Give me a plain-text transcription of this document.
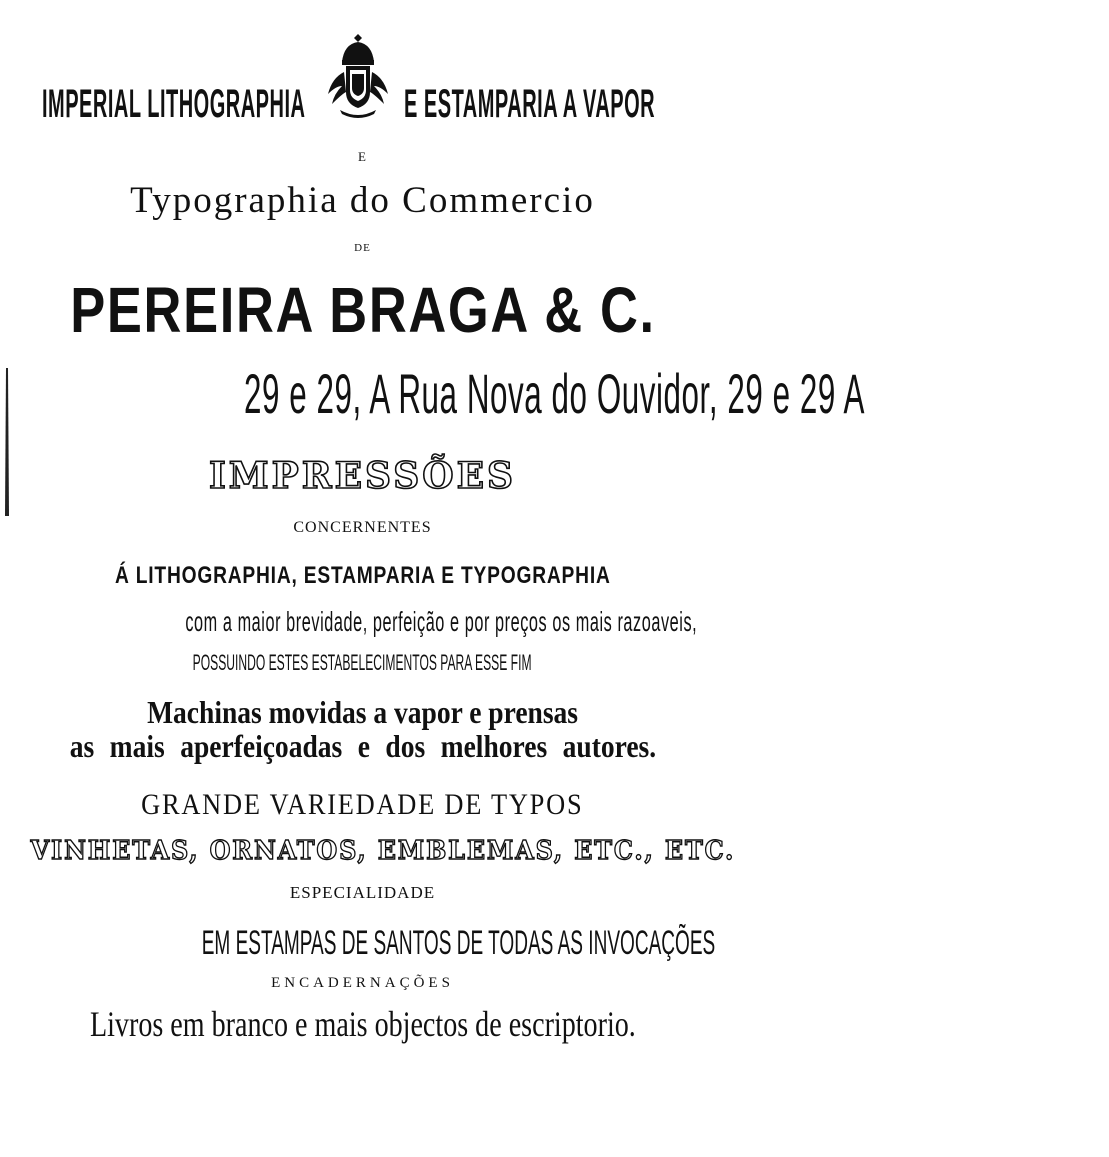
IMPERIAL LITHOGRAPHIA E ESTAMPARIA A VAPOR
E
Typographia do Commercio
DE
PEREIRA BRAGA & C.
29 e 29, A Rua Nova do Ouvidor, 29 e 29 A
IMPRESSÕES
CONCERNENTES
Á LITHOGRAPHIA, ESTAMPARIA E TYPOGRAPHIA
com a maior brevidade, perfeição e por preços os mais razoaveis,
POSSUINDO ESTES ESTABELECIMENTOS PARA ESSE FIM
Machinas movidas a vapor e prensas
as mais aperfeiçoadas e dos melhores autores.
GRANDE VARIEDADE DE TYPOS
VINHETAS, ORNATOS, EMBLEMAS, ETC., ETC.
ESPECIALIDADE
EM ESTAMPAS DE SANTOS DE TODAS AS INVOCAÇÕES
ENCADERNAÇÕES
Livros em branco e mais objectos de escriptorio.
